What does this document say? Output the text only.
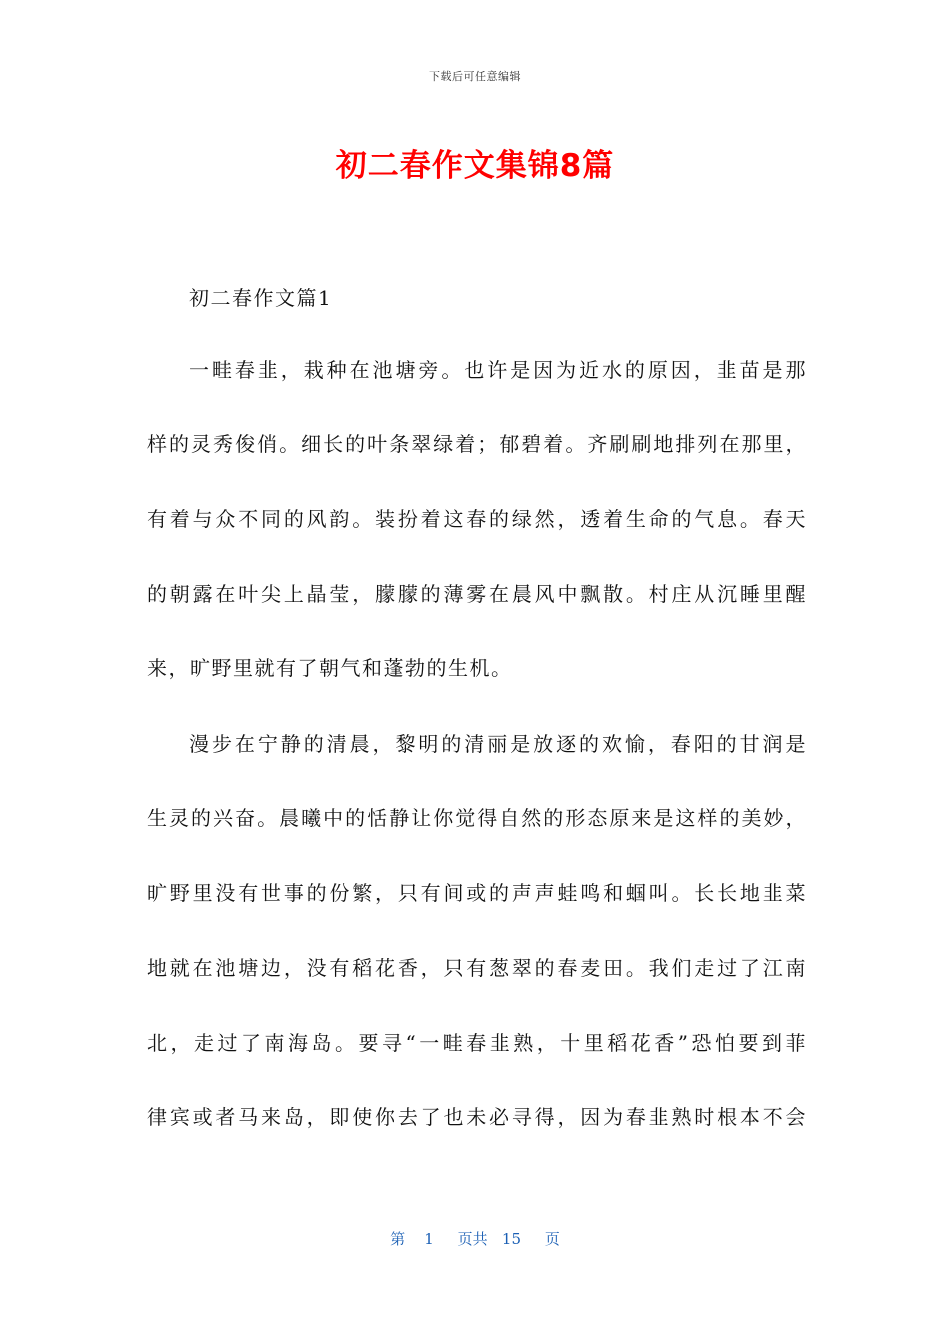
下载后可任意编辑
初二春作文集锦8篇
初二春作文篇1
一畦春韭，栽种在池塘旁。也许是因为近水的原因，韭苗是那
样的灵秀俊俏。细长的叶条翠绿着；郁碧着。齐刷刷地排列在那里，
有着与众不同的风韵。装扮着这春的绿然，透着生命的气息。春天
的朝露在叶尖上晶莹，朦朦的薄雾在晨风中飘散。村庄从沉睡里醒
来，旷野里就有了朝气和蓬勃的生机。
漫步在宁静的清晨，黎明的清丽是放逐的欢愉，春阳的甘润是
生灵的兴奋。晨曦中的恬静让你觉得自然的形态原来是这样的美妙，
旷野里没有世事的份繁，只有间或的声声蛙鸣和蝈叫。长长地韭菜
地就在池塘边，没有稻花香，只有葱翠的春麦田。我们走过了江南
北，走过了南海岛。要寻“一畦春韭熟，十里稻花香”恐怕要到菲
律宾或者马来岛，即使你去了也未必寻得，因为春韭熟时根本不会
第 1 页共 15 页
